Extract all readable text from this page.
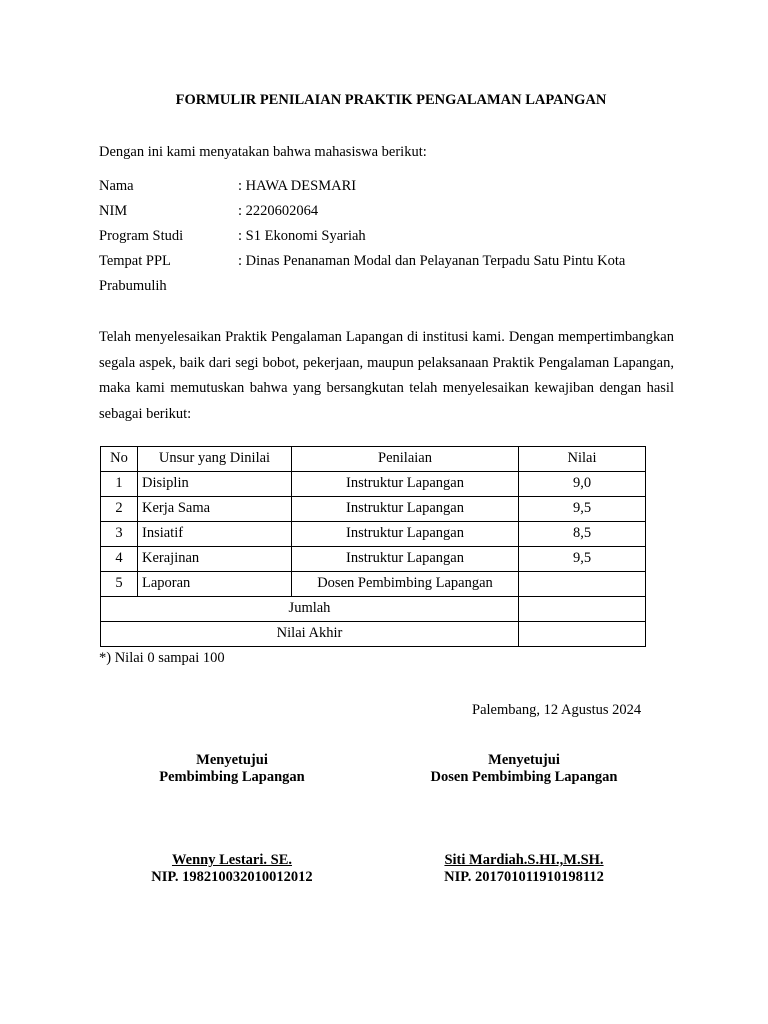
FORMULIR PENILAIAN PRAKTIK PENGALAMAN LAPANGAN
Dengan ini kami menyatakan bahwa mahasiswa berikut:
Nama	: HAWA DESMARI
NIM	: 2220602064
Program Studi	: S1 Ekonomi Syariah
Tempat PPL	: Dinas Penanaman Modal dan Pelayanan Terpadu Satu Pintu Kota
Prabumulih
Telah menyelesaikan Praktik Pengalaman Lapangan di institusi kami. Dengan mempertimbangkan segala aspek, baik dari segi bobot, pekerjaan, maupun pelaksanaan Praktik Pengalaman Lapangan, maka kami memutuskan bahwa yang bersangkutan telah menyelesaikan kewajiban dengan hasil sebagai berikut:
No	Unsur yang Dinilai	Penilaian	Nilai
1	Disiplin	Instruktur Lapangan	9,0
2	Kerja Sama	Instruktur Lapangan	9,5
3	Insiatif	Instruktur Lapangan	8,5
4	Kerajinan	Instruktur Lapangan	9,5
5	Laporan	Dosen Pembimbing Lapangan	
Jumlah			
Nilai Akhir			
*) Nilai 0 sampai 100
Palembang, 12 Agustus 2024
Menyetujui
Pembimbing Lapangan
Wenny Lestari. SE.
NIP. 198210032010012012
Menyetujui
Dosen Pembimbing Lapangan
Siti Mardiah.S.HI.,M.SH.
NIP. 201701011910198112
